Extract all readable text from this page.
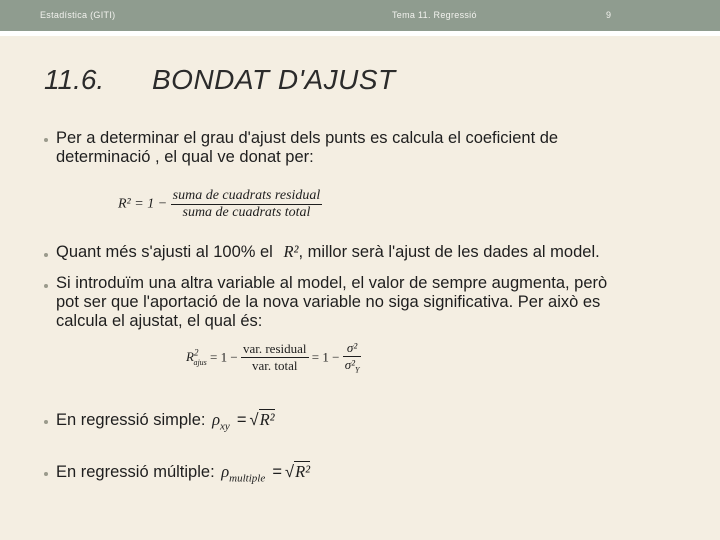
Estadística (GITI)	Tema 11. Regressió	9
11.6. BONDAT D'AJUST
Per a determinar el grau d'ajust dels punts es calcula el coeficient de
determinació , el qual ve donat per:
$R^2 = 1 - \frac{\text{suma de cuadrats residual}}{\text{suma de cuadrats total}}$
Quant més s'ajusti al 100% el R², millor serà l'ajust de les dades al model.
Si introduïm una altra variable al model, el valor de sempre augmenta, però
pot ser que l'aportació de la nova variable no siga significativa. Per això es
calcula el ajustat, el qual és:
$R^2_{ajus} = 1 - \frac{\text{var. residual}}{\text{var. total}} = 1 - \frac{\text{σ²}}{\sigma^2_Y}$
En regressió simple: $\rho_{xy} = √R^2$
En regressió múltiple: $\rho_{multiple} = √R^2$
